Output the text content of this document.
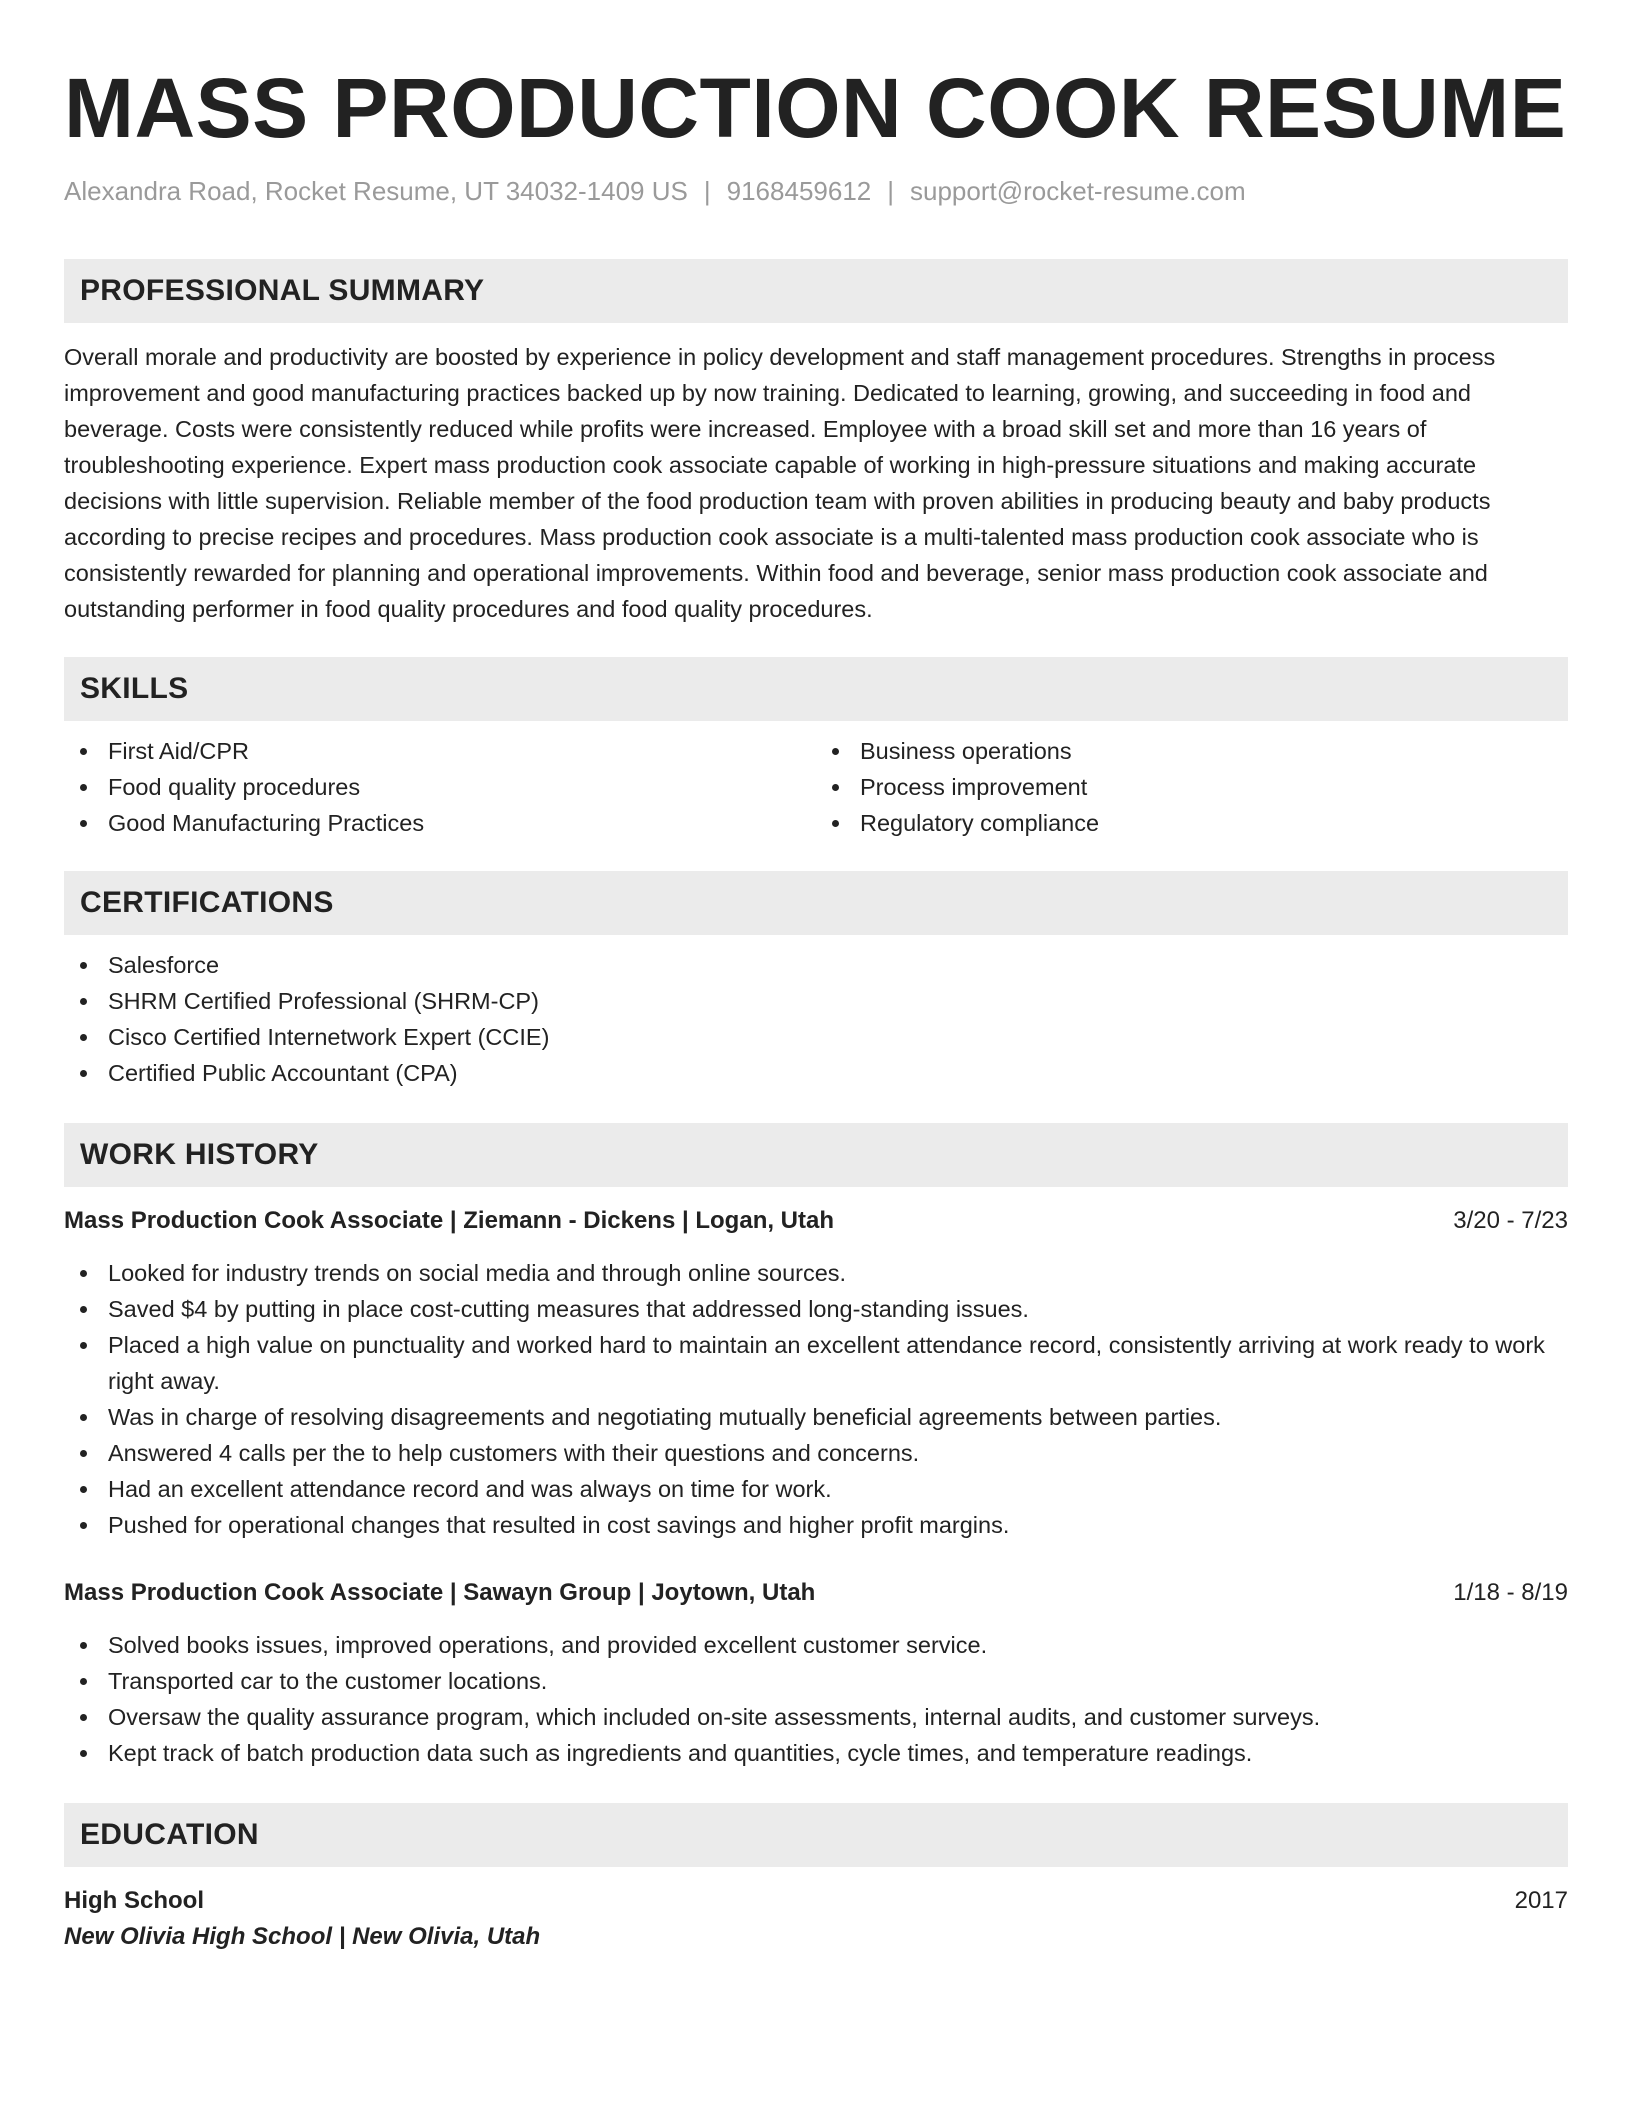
MASS PRODUCTION COOK RESUME
Alexandra Road, Rocket Resume, UT 34032-1409 US | 9168459612 | support@rocket-resume.com
PROFESSIONAL SUMMARY

Overall morale and productivity are boosted by experience in policy development and staff management procedures. Strengths in process improvement and good manufacturing practices backed up by now training. Dedicated to learning, growing, and succeeding in food and beverage. Costs were consistently reduced while profits were increased. Employee with a broad skill set and more than 16 years of troubleshooting experience. Expert mass production cook associate capable of working in high-pressure situations and making accurate decisions with little supervision. Reliable member of the food production team with proven abilities in producing beauty and baby products according to precise recipes and procedures. Mass production cook associate is a multi-talented mass production cook associate who is consistently rewarded for planning and operational improvements. Within food and beverage, senior mass production cook associate and outstanding performer in food quality procedures and food quality procedures.

SKILLS
First Aid/CPR
Food quality procedures
Good Manufacturing Practices
Business operations
Process improvement
Regulatory compliance
CERTIFICATIONS
Salesforce
SHRM Certified Professional (SHRM-CP)
Cisco Certified Internetwork Expert (CCIE)
Certified Public Accountant (CPA)
WORK HISTORY
Mass Production Cook Associate | Ziemann - Dickens | Logan, Utah	3/20 - 7/23
Looked for industry trends on social media and through online sources.
Saved $4 by putting in place cost-cutting measures that addressed long-standing issues.
Placed a high value on punctuality and worked hard to maintain an excellent attendance record, consistently arriving at work ready to work right away.
Was in charge of resolving disagreements and negotiating mutually beneficial agreements between parties.
Answered 4 calls per the to help customers with their questions and concerns.
Had an excellent attendance record and was always on time for work.
Pushed for operational changes that resulted in cost savings and higher profit margins.
Mass Production Cook Associate | Sawayn Group | Joytown, Utah	1/18 - 8/19
Solved books issues, improved operations, and provided excellent customer service.
Transported car to the customer locations.
Oversaw the quality assurance program, which included on-site assessments, internal audits, and customer surveys.
Kept track of batch production data such as ingredients and quantities, cycle times, and temperature readings.
EDUCATION
High School	2017
New Olivia High School | New Olivia, Utah
